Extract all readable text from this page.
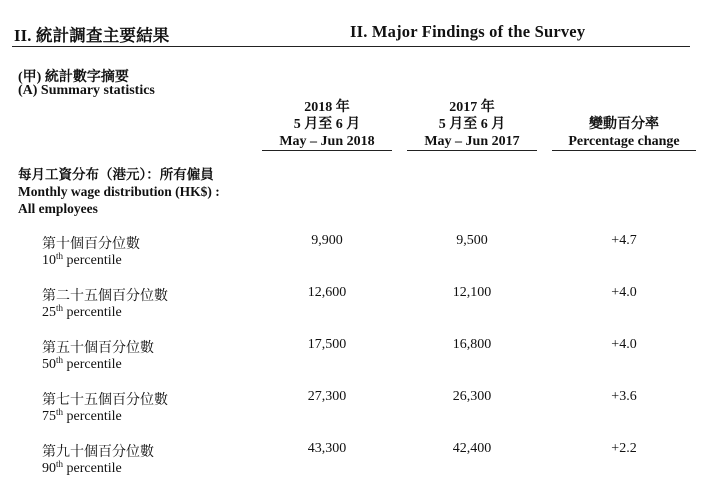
II. 統計調查主要結果	II. Major Findings of the Survey
(甲) 統計數字摘要
(A) Summary statistics
2018 年
5 月至 6 月
May – Jun 2018
2017 年
5 月至 6 月
May – Jun 2017
變動百分率
Percentage change
每月工資分布（港元）：所有僱員
Monthly wage distribution (HK$) :
All employees
第十個百分位數
10th percentile
9,900	9,500	+4.7
第二十五個百分位數
25th percentile
12,600	12,100	+4.0
第五十個百分位數
50th percentile
17,500	16,800	+4.0
第七十五個百分位數
75th percentile
27,300	26,300	+3.6
第九十個百分位數
90th percentile
43,300	42,400	+2.2
